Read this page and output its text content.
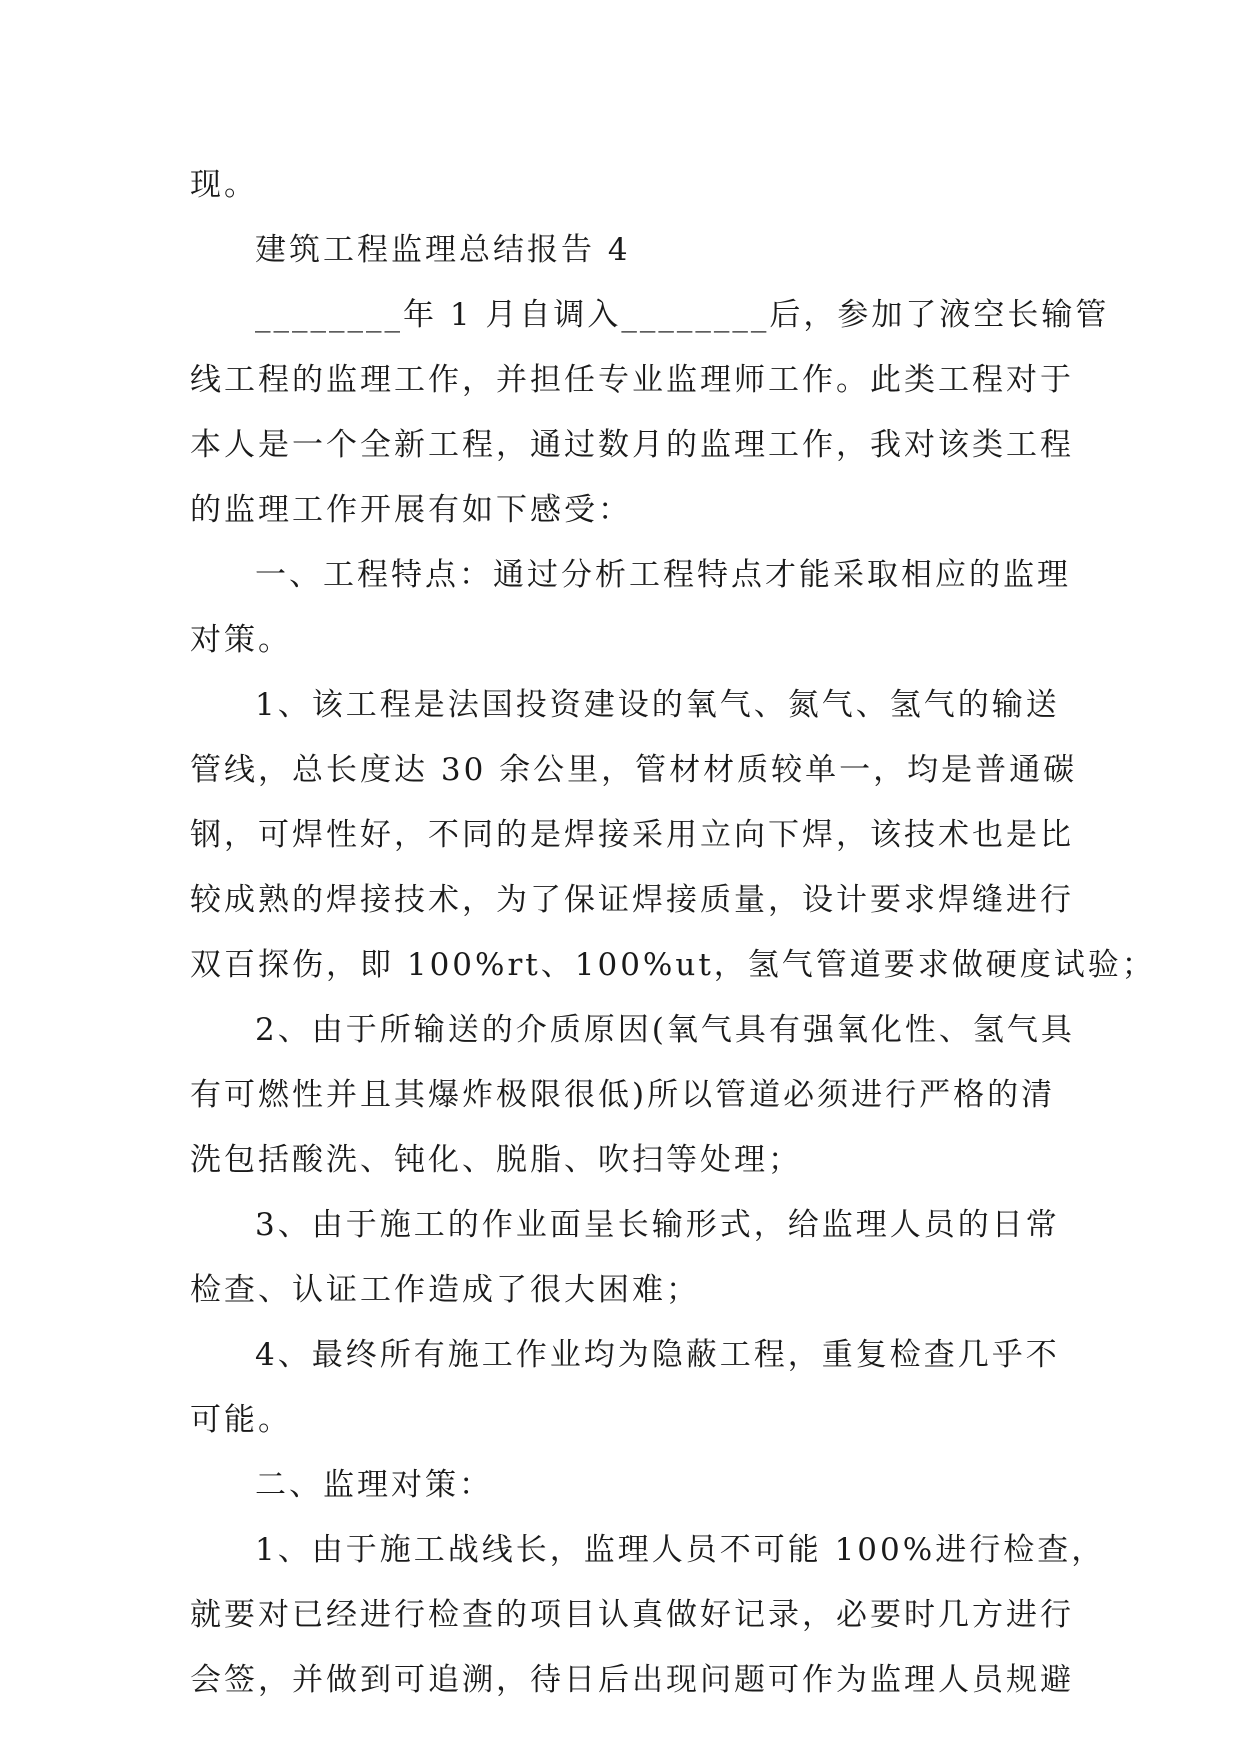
现。
建筑工程监理总结报告 4
________年 1 月自调入________后，参加了液空长输管
线工程的监理工作，并担任专业监理师工作。此类工程对于
本人是一个全新工程，通过数月的监理工作，我对该类工程
的监理工作开展有如下感受：
一、工程特点：通过分析工程特点才能采取相应的监理
对策。
1、该工程是法国投资建设的氧气、氮气、氢气的输送
管线，总长度达 30 余公里，管材材质较单一，均是普通碳
钢，可焊性好，不同的是焊接采用立向下焊，该技术也是比
较成熟的焊接技术，为了保证焊接质量，设计要求焊缝进行
双百探伤，即 100%rt、100%ut，氢气管道要求做硬度试验；
2、由于所输送的介质原因(氧气具有强氧化性、氢气具
有可燃性并且其爆炸极限很低)所以管道必须进行严格的清
洗包括酸洗、钝化、脱脂、吹扫等处理；
3、由于施工的作业面呈长输形式，给监理人员的日常
检查、认证工作造成了很大困难；
4、最终所有施工作业均为隐蔽工程，重复检查几乎不
可能。
二、监理对策：
1、由于施工战线长，监理人员不可能 100%进行检查，
就要对已经进行检查的项目认真做好记录，必要时几方进行
会签，并做到可追溯，待日后出现问题可作为监理人员规避
